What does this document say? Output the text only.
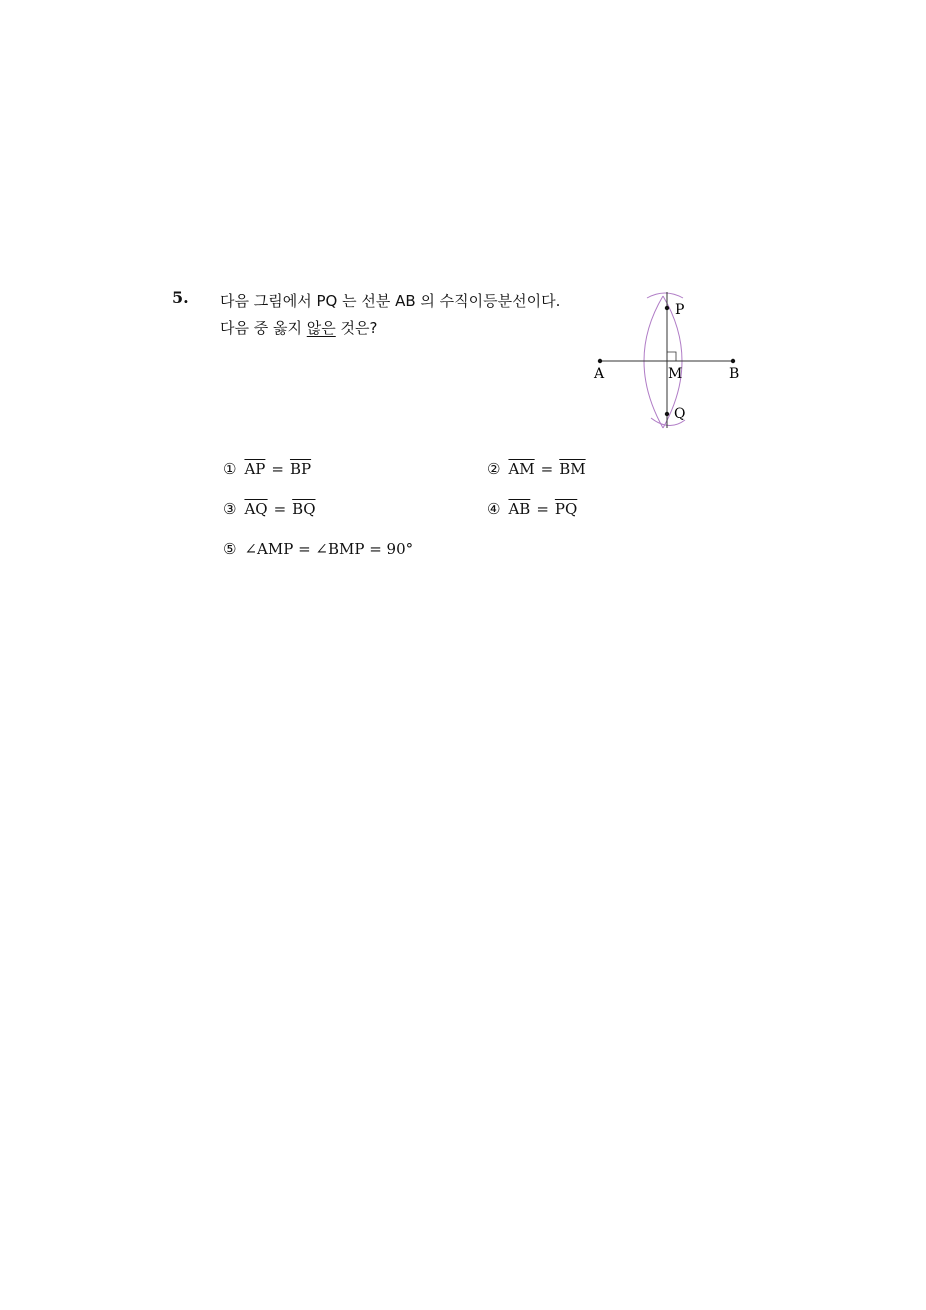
5. 다음 그림에서 PQ 는 선분 AB 의 수직이등분선이다.
다음 중 옳지 않은 것은?
P
A	M	B
Q
① $\overline{AP} = \overline{BP}$	② $\overline{AM} = \overline{BM}$
③ $\overline{AQ} = \overline{BQ}$	④ $\overline{AB} = \overline{PQ}$
⑤ ∠AMP = ∠BMP = 90°
